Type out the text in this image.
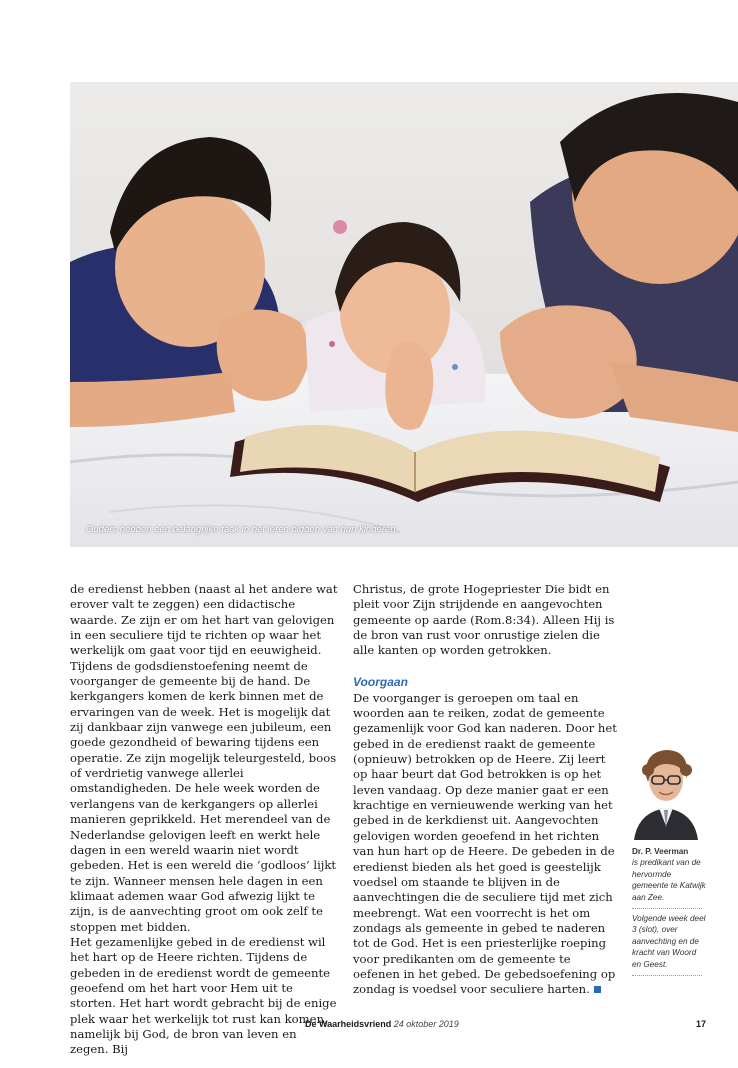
Ouders hebben een belangrijke taak in het leren bidden van hun kinderen.

de eredienst hebben (naast al het andere wat erover valt te zeggen) een didactische waarde. Ze zijn er om het hart van gelovigen in een seculiere tijd te richten op waar het werkelijk om gaat voor tijd en eeuwigheid.

Tijdens de godsdienstoefening neemt de voorganger de gemeente bij de hand. De kerkgangers komen de kerk binnen met de ervaringen van de week. Het is mogelijk dat zij dankbaar zijn vanwege een jubileum, een goede gezondheid of bewaring tijdens een operatie. Ze zijn mogelijk teleurgesteld, boos of verdrietig vanwege allerlei omstandigheden. De hele week worden de verlangens van de kerkgangers op allerlei manieren geprikkeld. Het merendeel van de Nederlandse gelovigen leeft en werkt hele dagen in een wereld waarin niet wordt gebeden. Het is een wereld die ‘godloos’ lijkt te zijn. Wanneer mensen hele dagen in een klimaat ademen waar God afwezig lijkt te zijn, is de aanvechting groot om ook zelf te stoppen met bidden.

Het gezamenlijke gebed in de eredienst wil het hart op de Heere richten. Tijdens de gebeden in de eredienst wordt de gemeente geoefend om het hart voor Hem uit te storten. Het hart wordt gebracht bij de enige plek waar het werkelijk tot rust kan komen, namelijk bij God, de bron van leven en zegen. Bij

Christus, de grote Hogepriester Die bidt en pleit voor Zijn strijdende en aangevochten gemeente op aarde (Rom.8:34). Alleen Hij is de bron van rust voor onrustige zielen die alle kanten op worden getrokken.

Voorgaan

De voorganger is geroepen om taal en woorden aan te reiken, zodat de gemeente gezamenlijk voor God kan naderen. Door het gebed in de eredienst raakt de gemeente (opnieuw) betrokken op de Heere. Zij leert op haar beurt dat God betrokken is op het leven vandaag. Op deze manier gaat er een krachtige en vernieuwende werking van het gebed in de kerkdienst uit. Aangevochten gelovigen worden geoefend in het richten van hun hart op de Heere. De gebeden in de eredienst bieden als het goed is geestelijk voedsel om staande te blijven in de aanvechtingen die de seculiere tijd met zich meebrengt. Wat een voorrecht is het om zondags als gemeente in gebed te naderen tot de God. Het is een priesterlijke roeping voor predikanten om de gemeente te oefenen in het gebed. De gebedsoefening op zondag is voedsel voor seculiere harten.

Dr. P. Veerman
is predikant van de hervormde gemeente te Katwijk aan Zee.
Volgende week deel 3 (slot), over aanvechting en de kracht van Woord en Geest.
De Waarheidsvriend 24 oktober 2019	17
